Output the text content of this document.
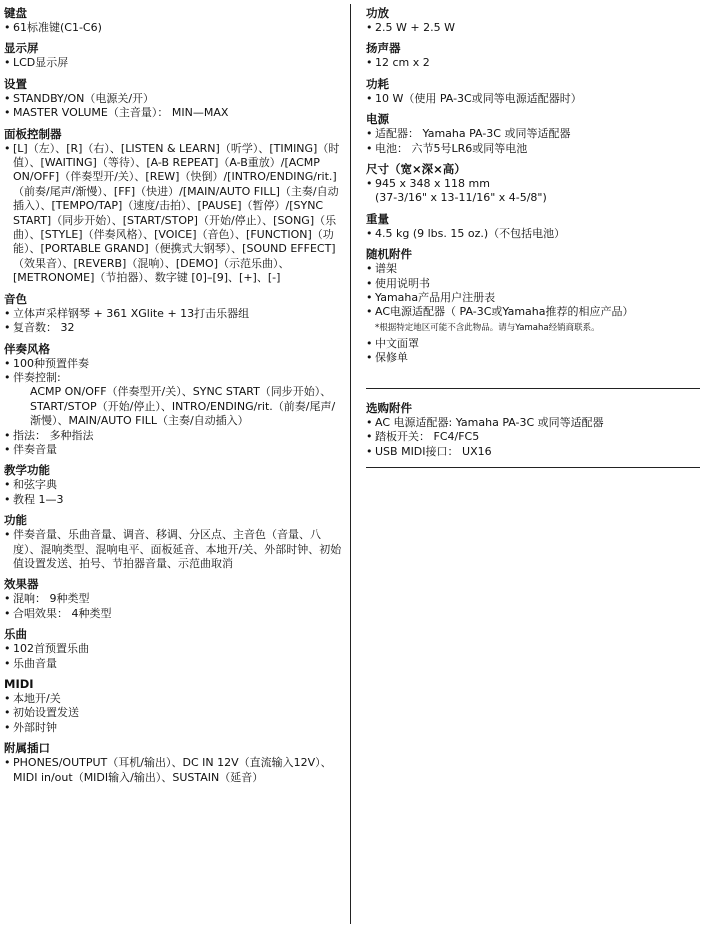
键盘
• 61标准键(C1-C6)
显示屏
• LCD显示屏
设置
• STANDBY/ON（电源关/开）
• MASTER VOLUME（主音量）： MIN—MAX
面板控制器
• [L]（左）、[R]（右）、[LISTEN & LEARN]（听学）、[TIMING]（时值）、[WAITING]（等待）、[A-B REPEAT]（A-B重放）/[ACMP ON/OFF]（伴奏型开/关）、[REW]（快倒）/[INTRO/ENDING/rit.]（前奏/尾声/渐慢）、[FF]（快进）/[MAIN/AUTO FILL]（主奏/自动插入）、[TEMPO/TAP]（速度/击拍）、[PAUSE]（暂停）/[SYNC START]（同步开始）、[START/STOP]（开始/停止）、[SONG]（乐曲）、[STYLE]（伴奏风格）、[VOICE]（音色）、[FUNCTION]（功能）、[PORTABLE GRAND]（便携式大钢琴）、[SOUND EFFECT]（效果音）、[REVERB]（混响）、[DEMO]（示范乐曲）、[METRONOME]（节拍器）、数字键 [0]–[9]、[+]、[-]
音色
• 立体声采样钢琴 + 361 XGlite + 13打击乐器组
• 复音数： 32
伴奏风格
• 100种预置伴奏
• 伴奏控制:
ACMP ON/OFF（伴奏型开/关）、SYNC START（同步开始）、START/STOP（开始/停止）、INTRO/ENDING/rit.（前奏/尾声/渐慢）、MAIN/AUTO FILL（主奏/自动插入）
• 指法： 多种指法
• 伴奏音量
教学功能
• 和弦字典
• 教程 1—3
功能
• 伴奏音量、乐曲音量、调音、移调、分区点、主音色（音量、八度）、混响类型、混响电平、面板延音、本地开/关、外部时钟、初始值设置发送、拍号、节拍器音量、示范曲取消
效果器
• 混响： 9种类型
• 合唱效果： 4种类型
乐曲
• 102首预置乐曲
• 乐曲音量
MIDI
• 本地开/关
• 初始设置发送
• 外部时钟
附属插口
• PHONES/OUTPUT（耳机/输出）、DC IN 12V（直流输入12V）、MIDI in/out（MIDI输入/输出）、SUSTAIN（延音）
功放
• 2.5 W + 2.5 W
扬声器
• 12 cm x 2
功耗
• 10 W（使用 PA-3C或同等电源适配器时）
电源
• 适配器： Yamaha PA-3C 或同等适配器
• 电池： 六节5号LR6或同等电池
尺寸（宽×深×高）
• 945 x 348 x 118 mm
(37-3/16" x 13-11/16" x 4-5/8")
重量
• 4.5 kg (9 lbs. 15 oz.)（不包括电池）
随机附件
• 谱架
• 使用说明书
• Yamaha产品用户注册表
• AC电源适配器（ PA-3C或Yamaha推荐的相应产品）
*根据特定地区可能不含此物品。请与Yamaha经销商联系。
• 中文面罩
• 保修单
选购附件
• AC 电源适配器: Yamaha PA-3C 或同等适配器
• 踏板开关： FC4/FC5
• USB MIDI接口： UX16
